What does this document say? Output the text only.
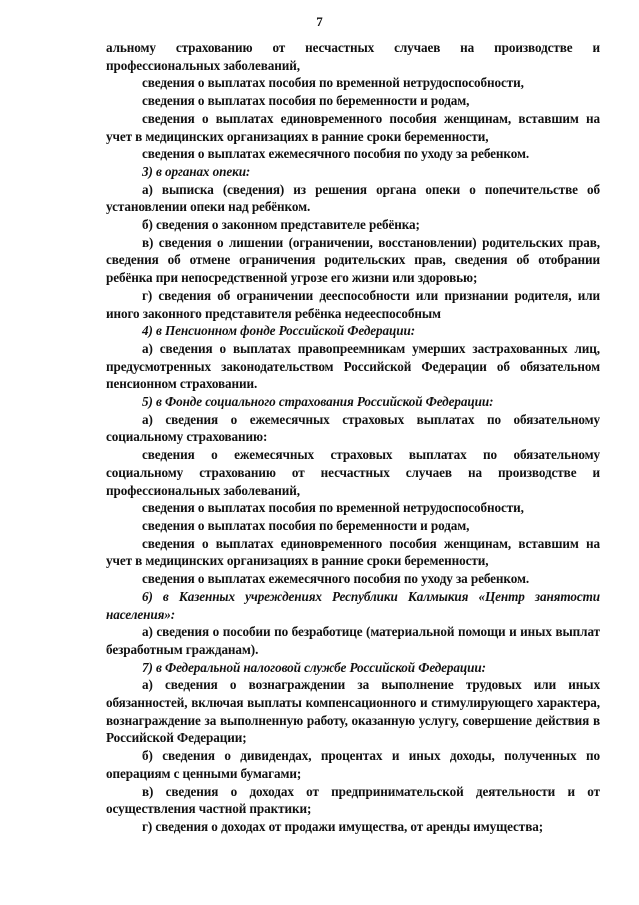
7

альному страхованию от несчастных случаев на производстве и профессиональных заболеваний,

сведения о выплатах пособия по временной нетрудоспособности,

сведения о выплатах пособия по беременности и родам,

сведения о выплатах единовременного пособия женщинам, вставшим на учет в медицинских организациях в ранние сроки беременности,

сведения о выплатах ежемесячного пособия по уходу за ребенком.

3) в органах опеки:

а) выписка (сведения) из решения органа опеки о попечительстве об установлении опеки над ребёнком.

б) сведения о законном представителе ребёнка;

в) сведения о лишении (ограничении, восстановлении) родительских прав, сведения об отмене ограничения родительских прав, сведения об отобрании ребёнка при непосредственной угрозе его жизни или здоровью;

г) сведения об ограничении дееспособности или признании родителя, или иного законного представителя ребёнка недееспособным

4) в Пенсионном фонде Российской Федерации:

а) сведения о выплатах правопреемникам умерших застрахованных лиц, предусмотренных законодательством Российской Федерации об обязательном пенсионном страховании.

5) в Фонде социального страхования Российской Федерации:

а) сведения о ежемесячных страховых выплатах по обязательному социальному страхованию:

сведения о ежемесячных страховых выплатах по обязательному социальному страхованию от несчастных случаев на производстве и профессиональных заболеваний,

сведения о выплатах пособия по временной нетрудоспособности,

сведения о выплатах пособия по беременности и родам,

сведения о выплатах единовременного пособия женщинам, вставшим на учет в медицинских организациях в ранние сроки беременности,

сведения о выплатах ежемесячного пособия по уходу за ребенком.

6) в Казенных учреждениях Республики Калмыкия «Центр занятости населения»:

а) сведения о пособии по безработице (материальной помощи и иных выплат безработным гражданам).

7) в Федеральной налоговой службе Российской Федерации:

а) сведения о вознаграждении за выполнение трудовых или иных обязанностей, включая выплаты компенсационного и стимулирующего характера, вознаграждение за выполненную работу, оказанную услугу, совершение действия в Российской Федерации;

б) сведения о дивидендах, процентах и иных доходы, полученных по операциям с ценными бумагами;

в) сведения о доходах от предпринимательской деятельности и от осуществления частной практики;

г) сведения о доходах от продажи имущества, от аренды имущества;
